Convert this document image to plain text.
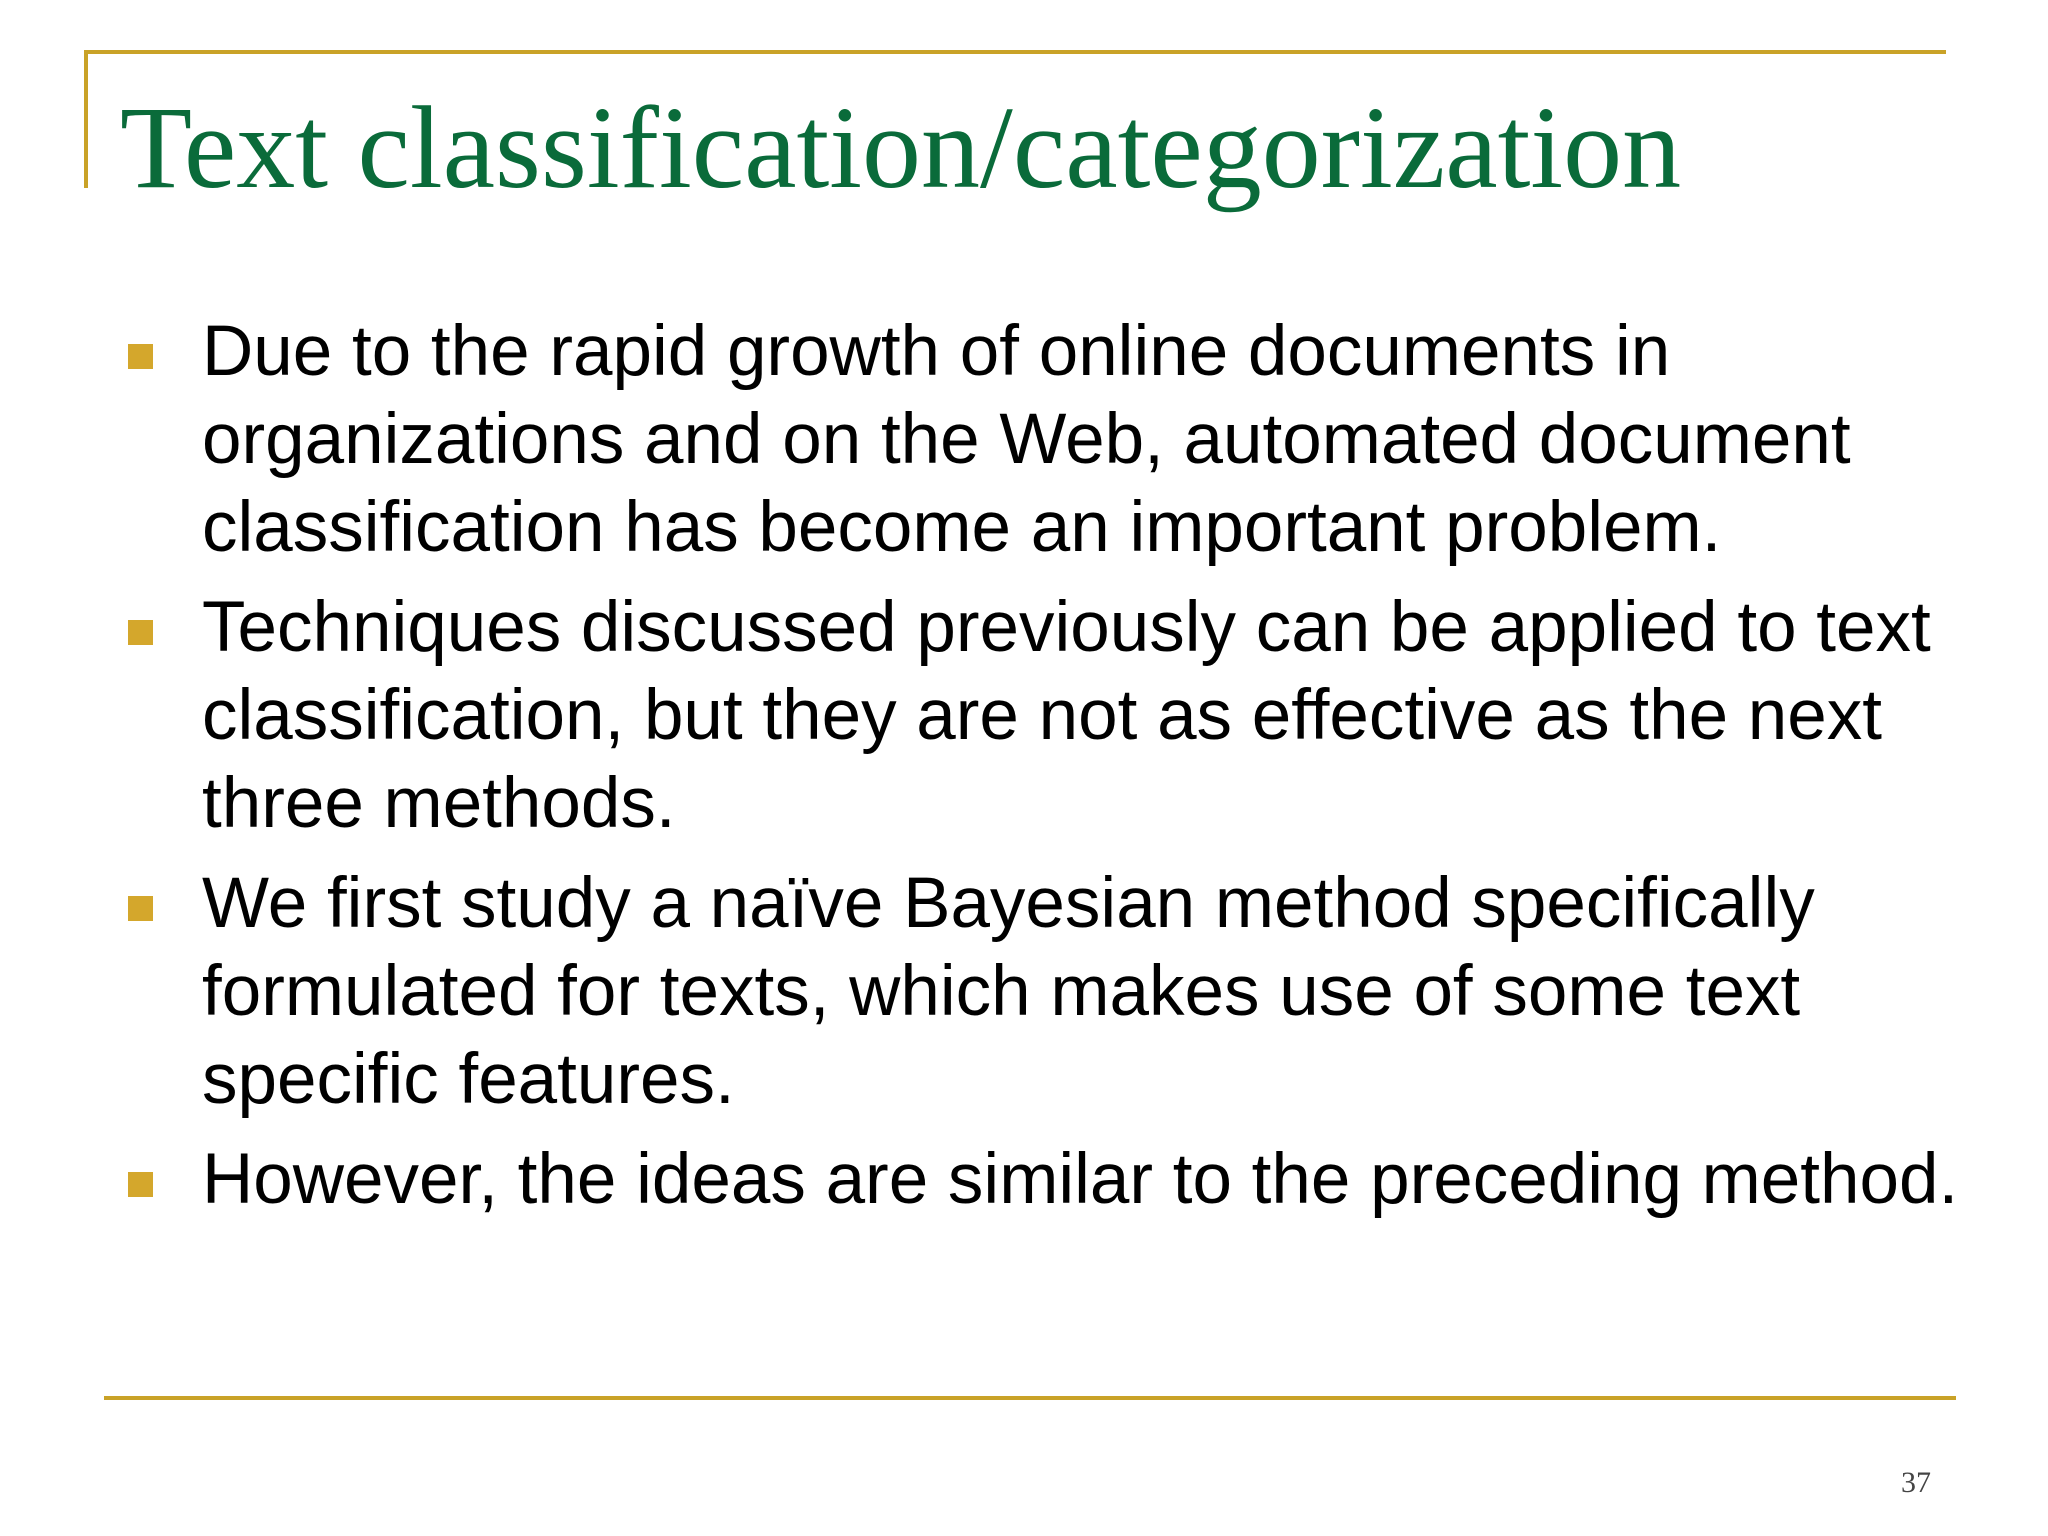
Text classification/categorization
Due to the rapid growth of online documents in organizations and on the Web, automated document classification has become an important problem.
Techniques discussed previously can be applied to text classification, but they are not as effective as the next three methods.
We first study a naïve Bayesian method specifically formulated for texts, which makes use of some text specific features.
However, the ideas are similar to the preceding method.
37
